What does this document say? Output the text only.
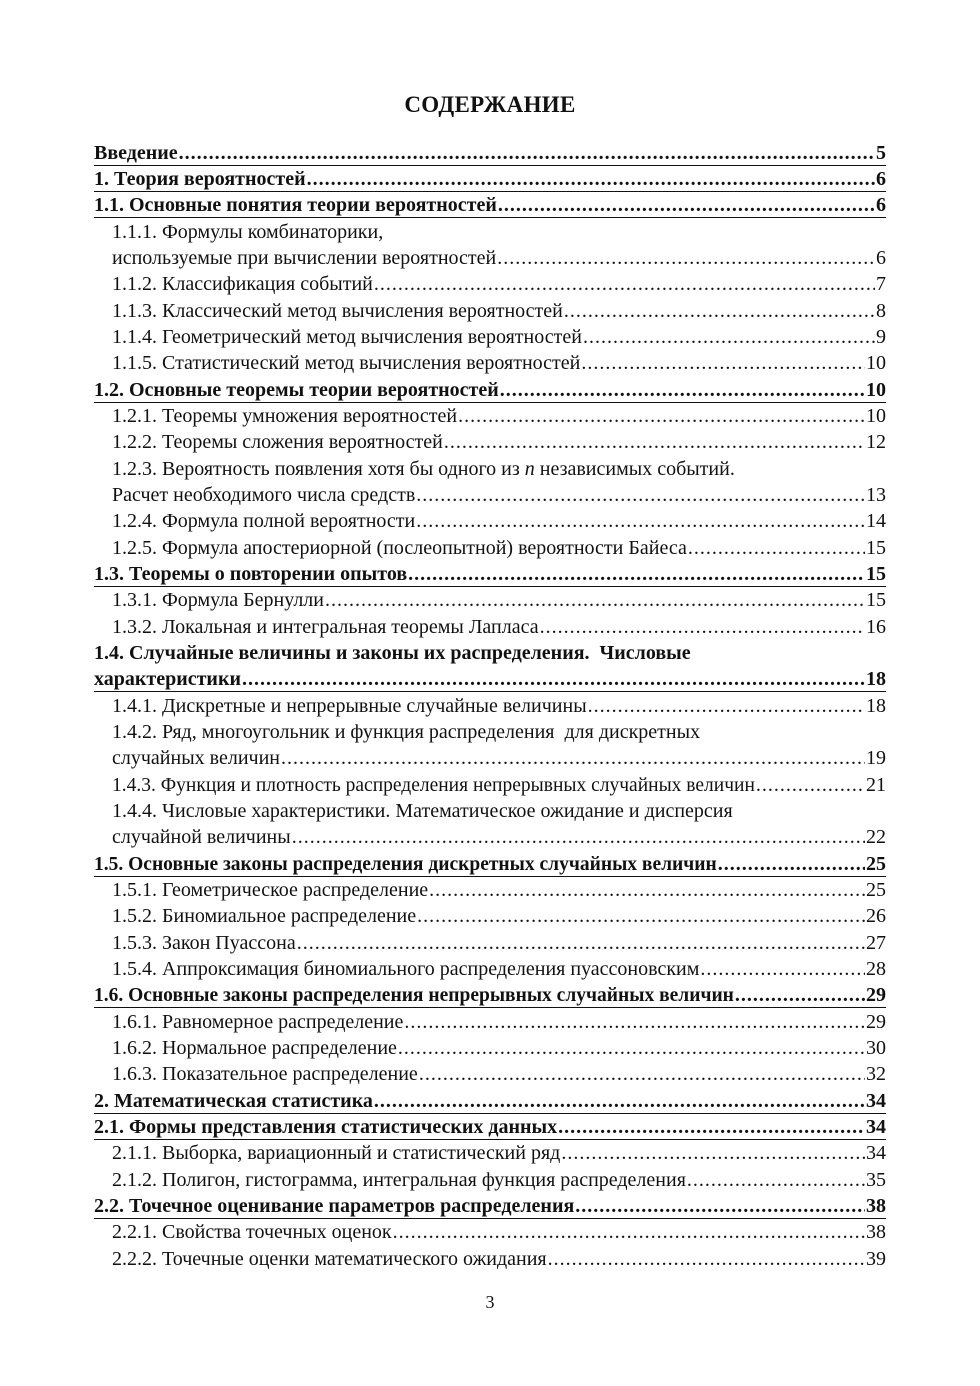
СОДЕРЖАНИЕ
Введение . . .	5
1. Теория вероятностей . . .	6
1.1. Основные понятия теории вероятностей . . .	6
1.1.1. Формулы комбинаторики,
используемые при вычислении вероятностей . . .	6
1.1.2. Классификация событий . . .	7
1.1.3. Классический метод вычисления вероятностей . . .	8
1.1.4. Геометрический метод вычисления вероятностей . . .	9
1.1.5. Статистический метод вычисления вероятностей . . .	10
1.2. Основные теоремы теории вероятностей . . .	10
1.2.1. Теоремы умножения вероятностей . . .	10
1.2.2. Теоремы сложения вероятностей . . .	12
1.2.3. Вероятность появления хотя бы одного из n независимых событий.
Расчет необходимого числа средств . . .	13
1.2.4. Формула полной вероятности . . .	14
1.2.5. Формула апостериорной (послеопытной) вероятности Байеса . . .	15
1.3. Теоремы о повторении опытов . . .	15
1.3.1. Формула Бернулли . . .	15
1.3.2. Локальная и интегральная теоремы Лапласа . . .	16
1.4. Случайные величины и законы их распределения.  Числовые
характеристики . . .	18
1.4.1. Дискретные и непрерывные случайные величины . . .	18
1.4.2. Ряд, многоугольник и функция распределения  для дискретных
случайных величин . . .	19
1.4.3. Функция и плотность распределения непрерывных случайных величин . . .	21
1.4.4. Числовые характеристики. Математическое ожидание и дисперсия
случайной величины . . .	22
1.5. Основные законы распределения дискретных случайных величин . . .	25
1.5.1. Геометрическое распределение . . .	25
1.5.2. Биномиальное распределение . . .	26
1.5.3. Закон Пуассона . . .	27
1.5.4. Аппроксимация биномиального распределения пуассоновским . . .	28
1.6. Основные законы распределения непрерывных случайных величин . . .	29
1.6.1. Равномерное распределение . . .	29
1.6.2. Нормальное распределение . . .	30
1.6.3. Показательное распределение . . .	32
2. Математическая статистика . . .	34
2.1. Формы представления статистических данных . . .	34
2.1.1. Выборка, вариационный и статистический ряд . . .	34
2.1.2. Полигон, гистограмма, интегральная функция распределения . . .	35
2.2. Точечное оценивание параметров распределения . . .	38
2.2.1. Свойства точечных оценок . . .	38
2.2.2. Точечные оценки математического ожидания . . .	39
3
